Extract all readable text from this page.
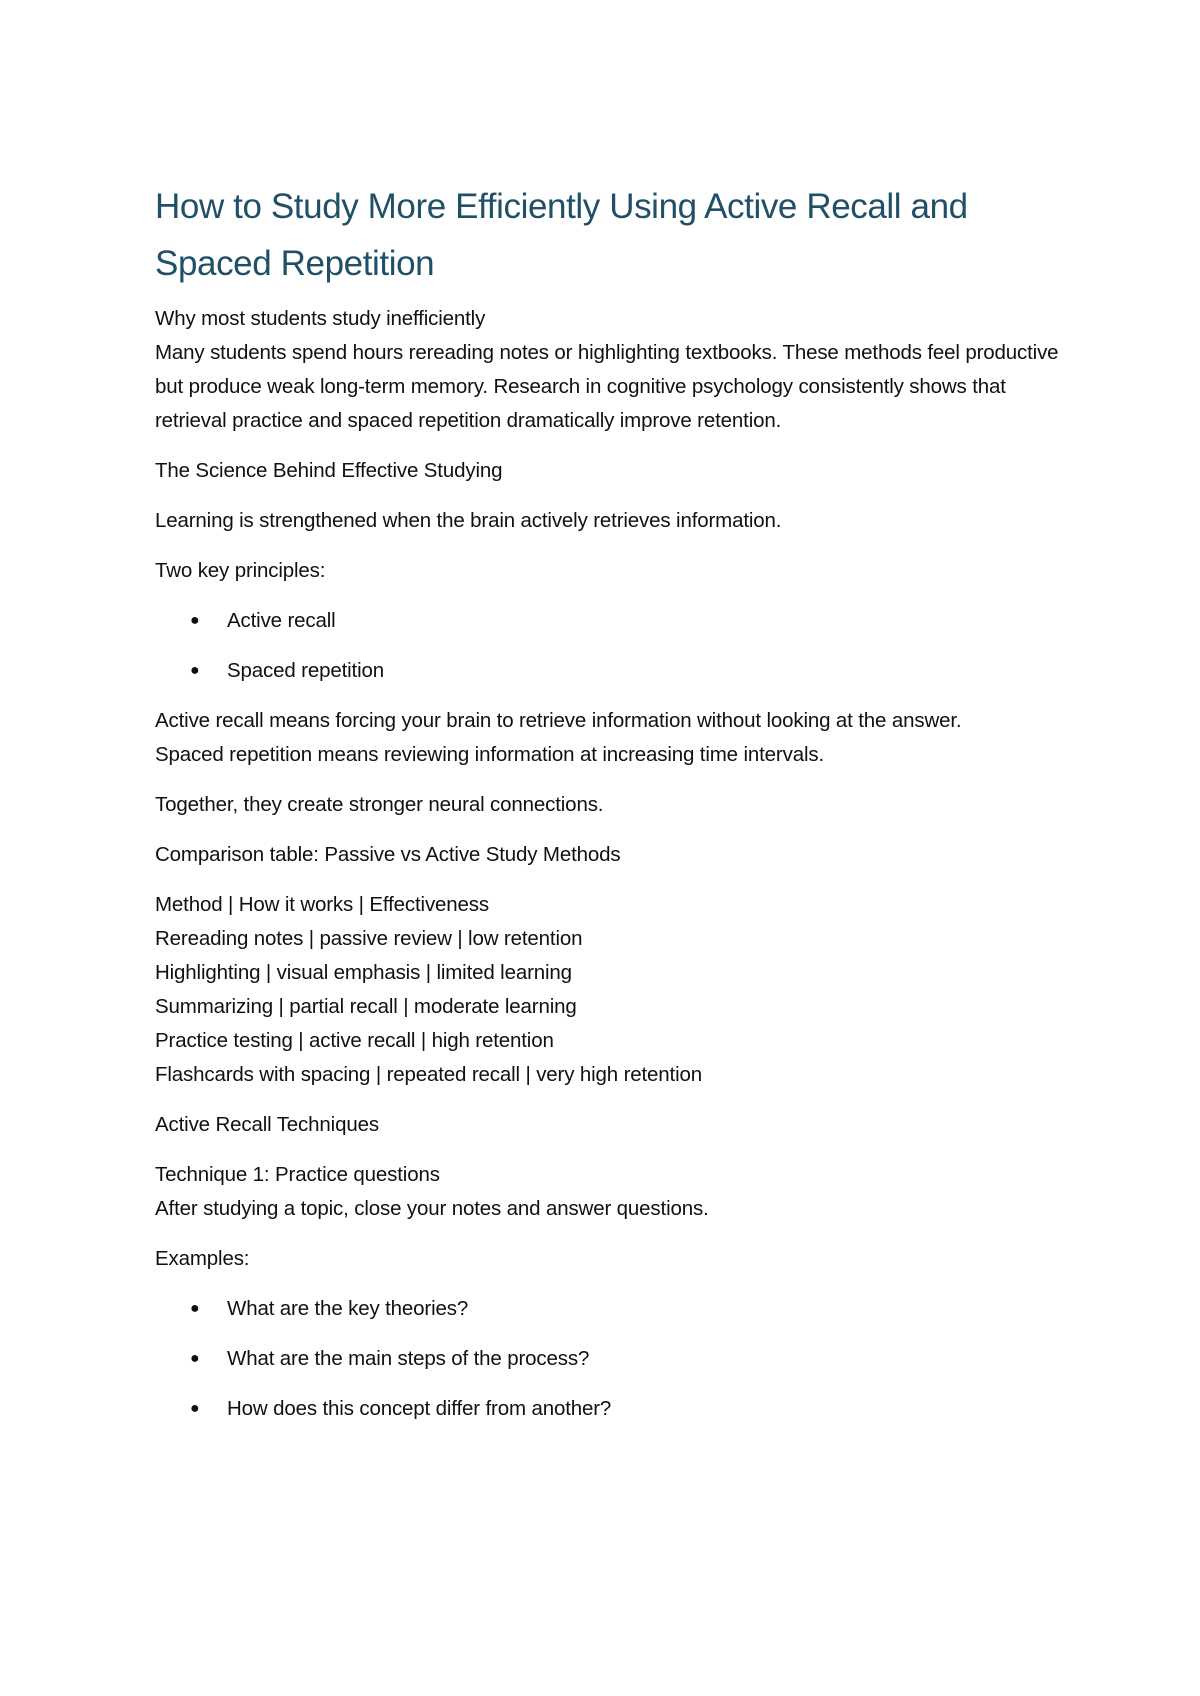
How to Study More Efficiently Using Active Recall and Spaced Repetition
Why most students study inefficiently
Many students spend hours rereading notes or highlighting textbooks. These methods feel productive but produce weak long-term memory. Research in cognitive psychology consistently shows that retrieval practice and spaced repetition dramatically improve retention.
The Science Behind Effective Studying
Learning is strengthened when the brain actively retrieves information.
Two key principles:
●	Active recall
●	Spaced repetition
Active recall means forcing your brain to retrieve information without looking at the answer.
Spaced repetition means reviewing information at increasing time intervals.
Together, they create stronger neural connections.
Comparison table: Passive vs Active Study Methods
Method | How it works | Effectiveness
Rereading notes | passive review | low retention
Highlighting | visual emphasis | limited learning
Summarizing | partial recall | moderate learning
Practice testing | active recall | high retention
Flashcards with spacing | repeated recall | very high retention
Active Recall Techniques
Technique 1: Practice questions
After studying a topic, close your notes and answer questions.
Examples:
●	What are the key theories?
●	What are the main steps of the process?
●	How does this concept differ from another?
